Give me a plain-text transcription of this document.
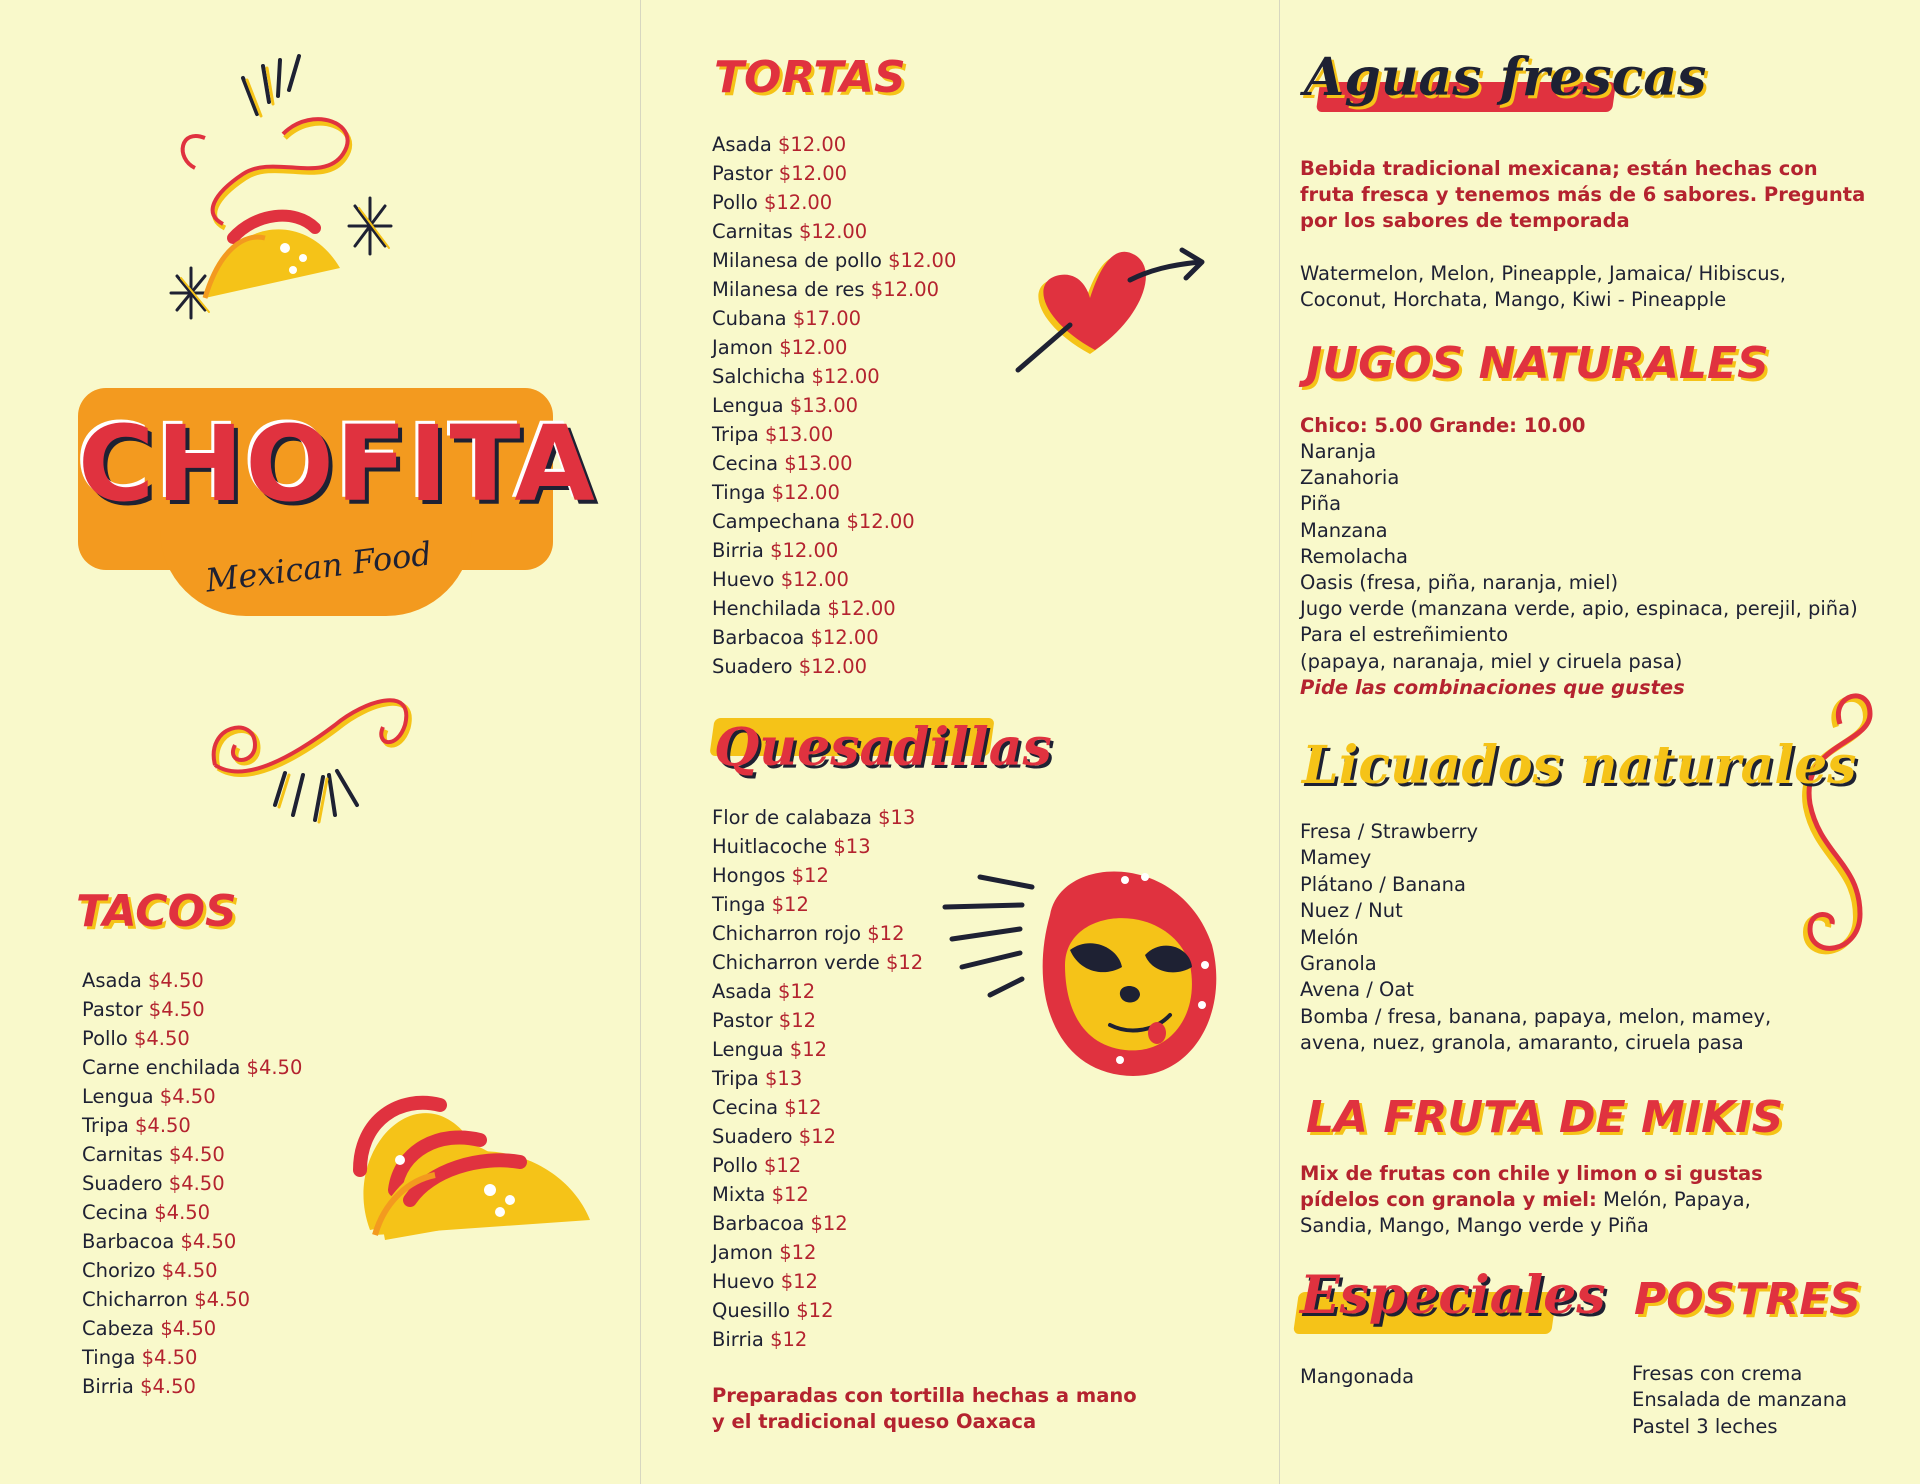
CHOFITA
Mexican Food
TACOS
Asada $4.50
Pastor $4.50
Pollo $4.50
Carne enchilada $4.50
Lengua $4.50
Tripa $4.50
Carnitas $4.50
Suadero $4.50
Cecina $4.50
Barbacoa $4.50
Chorizo $4.50
Chicharron $4.50
Cabeza $4.50
Tinga $4.50
Birria $4.50
TORTAS
Asada $12.00
Pastor $12.00
Pollo $12.00
Carnitas $12.00
Milanesa de pollo $12.00
Milanesa de res $12.00
Cubana $17.00
Jamon $12.00
Salchicha $12.00
Lengua $13.00
Tripa $13.00
Cecina $13.00
Tinga $12.00
Campechana $12.00
Birria $12.00
Huevo $12.00
Henchilada $12.00
Barbacoa $12.00
Suadero $12.00
Quesadillas
Flor de calabaza $13
Huitlacoche $13
Hongos $12
Tinga $12
Chicharron rojo $12
Chicharron verde $12
Asada $12
Pastor $12
Lengua $12
Tripa $13
Cecina $12
Suadero $12
Pollo $12
Mixta $12
Barbacoa $12
Jamon $12
Huevo $12
Quesillo $12
Birria $12

Preparadas con tortilla hechas a mano

y el tradicional queso Oaxaca

Aguas frescas

Bebida tradicional mexicana; están hechas con

fruta fresca y tenemos más de 6 sabores. Pregunta

por los sabores de temporada

Watermelon, Melon, Pineapple, Jamaica/ Hibiscus,

Coconut, Horchata, Mango, Kiwi - Pineapple

JUGOS NATURALES

Chico: 5.00 Grande: 10.00

Naranja
Zanahoria
Piña
Manzana
Remolacha
Oasis (fresa, piña, naranja, miel)
Jugo verde (manzana verde, apio, espinaca, perejil, piña)
Para el estreñimiento
(papaya, naranaja, miel y ciruela pasa)

Pide las combinaciones que gustes

Licuados naturales
Fresa / Strawberry
Mamey
Plátano / Banana
Nuez / Nut
Melón
Granola
Avena / Oat
Bomba / fresa, banana, papaya, melon, mamey,
avena, nuez, granola, amaranto, ciruela pasa
LA FRUTA DE MIKIS

Mix de frutas con chile y limon o si gustas

pídelos con granola y miel: Melón, Papaya,

Sandia, Mango, Mango verde y Piña

Especiales
Mangonada
POSTRES
Fresas con crema
Ensalada de manzana
Pastel 3 leches
